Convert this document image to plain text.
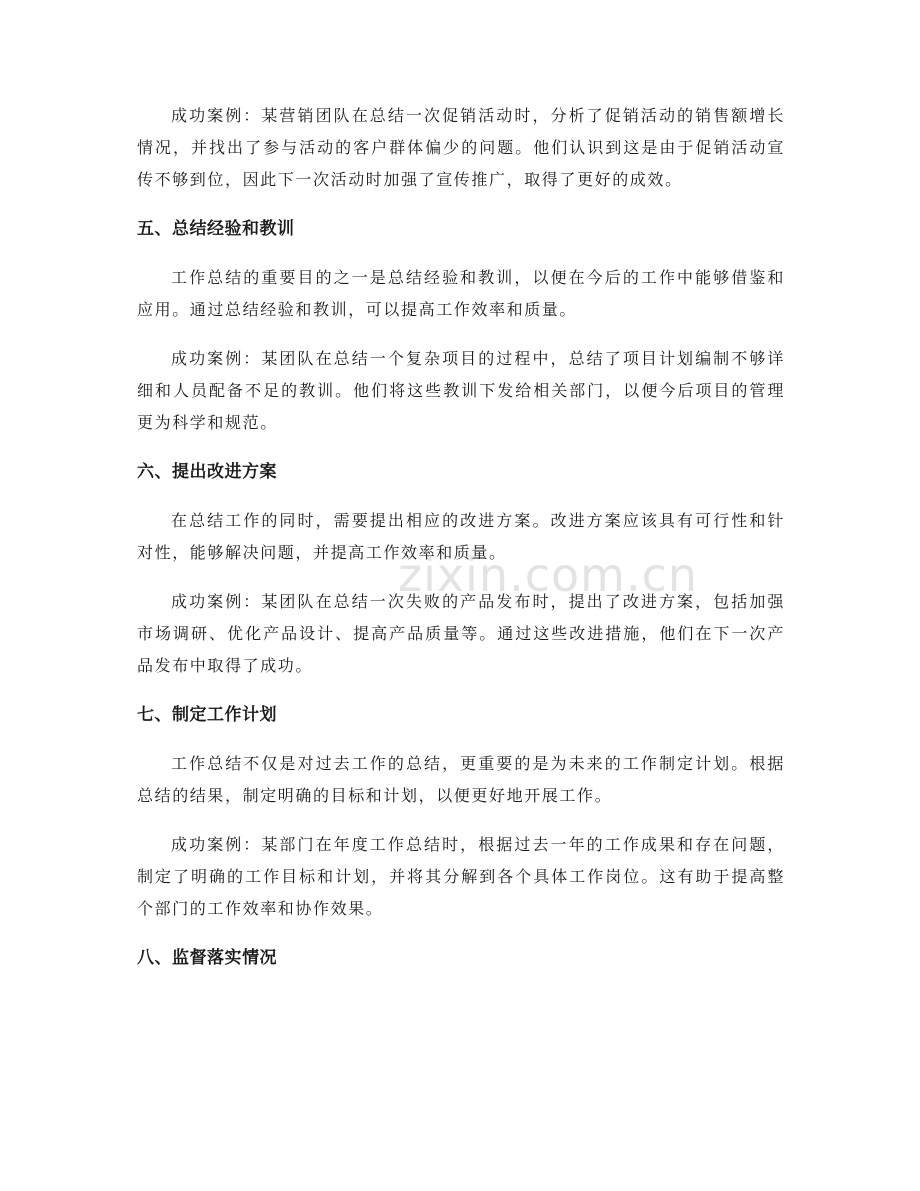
zixin.com.cn

成功案例：某营销团队在总结一次促销活动时，分析了促销活动的销售额增长情况，并找出了参与活动的客户群体偏少的问题。他们认识到这是由于促销活动宣传不够到位，因此下一次活动时加强了宣传推广，取得了更好的成效。

五、总结经验和教训

工作总结的重要目的之一是总结经验和教训，以便在今后的工作中能够借鉴和应用。通过总结经验和教训，可以提高工作效率和质量。

成功案例：某团队在总结一个复杂项目的过程中，总结了项目计划编制不够详细和人员配备不足的教训。他们将这些教训下发给相关部门，以便今后项目的管理更为科学和规范。

六、提出改进方案

在总结工作的同时，需要提出相应的改进方案。改进方案应该具有可行性和针对性，能够解决问题，并提高工作效率和质量。

成功案例：某团队在总结一次失败的产品发布时，提出了改进方案，包括加强市场调研、优化产品设计、提高产品质量等。通过这些改进措施，他们在下一次产品发布中取得了成功。

七、制定工作计划

工作总结不仅是对过去工作的总结，更重要的是为未来的工作制定计划。根据总结的结果，制定明确的目标和计划，以便更好地开展工作。

成功案例：某部门在年度工作总结时，根据过去一年的工作成果和存在问题，制定了明确的工作目标和计划，并将其分解到各个具体工作岗位。这有助于提高整个部门的工作效率和协作效果。

八、监督落实情况
